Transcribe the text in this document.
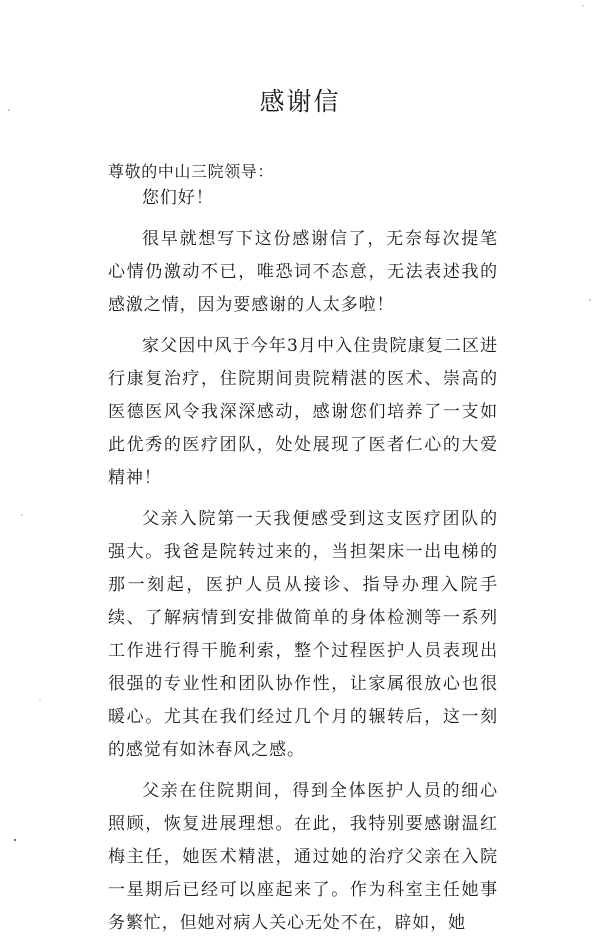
感谢信

尊敬的中山三院领导：

您们好！

很早就想写下这份感谢信了，无奈每次提笔心情仍激动不已，唯恐词不态意，无法表述我的感激之情，因为要感谢的人太多啦！

家父因中风于今年3月中入住贵院康复二区进行康复治疗，住院期间贵院精湛的医术、崇高的医德医风令我深深感动，感谢您们培养了一支如此优秀的医疗团队，处处展现了医者仁心的大爱精神！

父亲入院第一天我便感受到这支医疗团队的强大。我爸是院转过来的，当担架床一出电梯的那一刻起，医护人员从接诊、指导办理入院手续、了解病情到安排做简单的身体检测等一系列工作进行得干脆利索，整个过程医护人员表现出很强的专业性和团队协作性，让家属很放心也很暖心。尤其在我们经过几个月的辗转后，这一刻的感觉有如沐春风之感。

父亲在住院期间，得到全体医护人员的细心照顾，恢复进展理想。在此，我特别要感谢温红梅主任，她医术精湛，通过她的治疗父亲在入院一星期后已经可以座起来了。作为科室主任她事务繁忙，但她对病人关心无处不在，辟如，她
